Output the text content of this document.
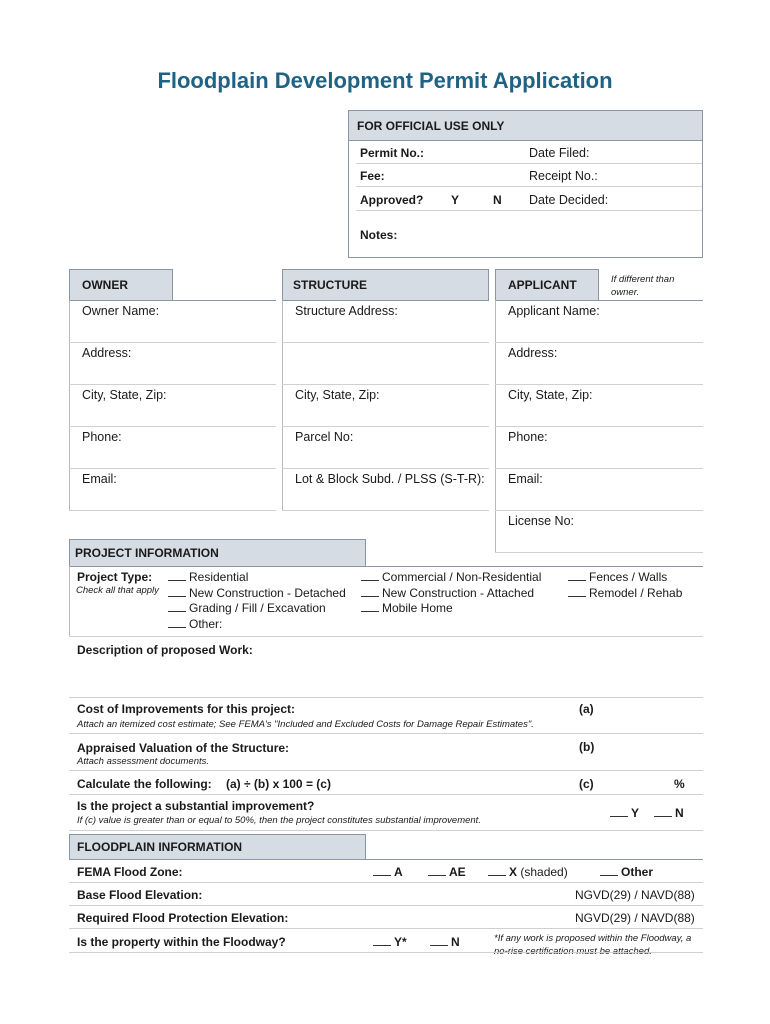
Floodplain Development Permit Application
FOR OFFICIAL USE ONLY
Permit No.:	Date Filed:
Fee:	Receipt No.:
Approved? Y	N Date Decided:
Notes:
OWNER
Owner Name:
Address:
City, State, Zip:
Phone:
Email:
STRUCTURE
Structure Address:
City, State, Zip:
Parcel No:
Lot & Block Subd. / PLSS (S-T-R):
APPLICANT	If different than owner.
Applicant Name:
Address:
City, State, Zip:
Phone:
Email:
License No:
PROJECT INFORMATION
Project Type:
Check all that apply
Residential
New Construction - Detached
Grading / Fill / Excavation
Other:
Commercial / Non-Residential
New Construction - Attached
Mobile Home
Fences / Walls
Remodel / Rehab
Description of proposed Work:
Cost of Improvements for this project:
Attach an itemized cost estimate; See FEMA's "Included and Excluded Costs for Damage Repair Estimates".
(a)
Appraised Valuation of the Structure:
Attach assessment documents.
(b)
Calculate the following: (a) ÷ (b) x 100 = (c)	(c)	%
Is the project a substantial improvement?
If (c) value is greater than or equal to 50%, then the project constitutes substantial improvement.
Y	N
FLOODPLAIN INFORMATION
FEMA Flood Zone:	A	AE	X (shaded)	Other
Base Flood Elevation:	NGVD(29) / NAVD(88)
Required Flood Protection Elevation:	NGVD(29) / NAVD(88)
Is the property within the Floodway?	Y*	N	*If any work is proposed within the Floodway, a
